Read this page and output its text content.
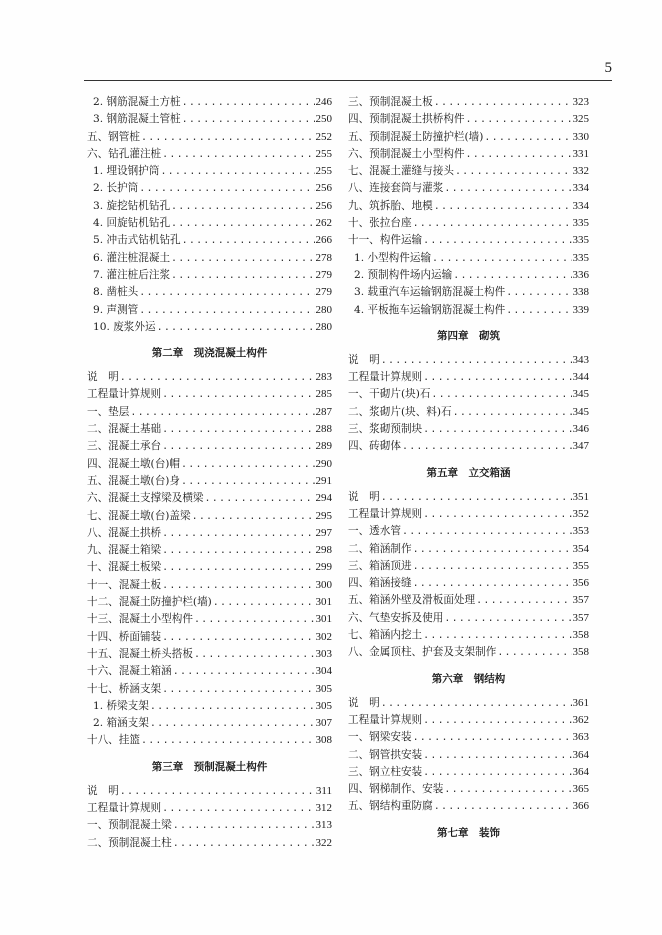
5
2. 钢筋混凝土方桩 .....	246
3. 钢筋混凝土管桩 .....	250
五、钢管桩 .....	252
六、钻孔灌注桩 .....	255
1. 埋设钢护筒 .....	255
2. 长护筒 .....	256
3. 旋挖钻机钻孔 .....	256
4. 回旋钻机钻孔 .....	262
5. 冲击式钻机钻孔 .....	266
6. 灌注桩混凝土 .....	278
7. 灌注桩后注浆 .....	279
8. 凿桩头 .....	279
9. 声测管 .....	280
10. 废浆外运 .....	280
第二章　现浇混凝土构件
说　明 .....	283
工程量计算规则 .....	285
一、垫层 .....	287
二、混凝土基础 .....	288
三、混凝土承台 .....	289
四、混凝土墩(台)帽 .....	290
五、混凝土墩(台)身 .....	291
六、混凝土支撑梁及横梁 .....	294
七、混凝土墩(台)盖梁 .....	295
八、混凝土拱桥 .....	297
九、混凝土箱梁 .....	298
十、混凝土板梁 .....	299
十一、混凝土板 .....	300
十二、混凝土防撞护栏(墙) .....	301
十三、混凝土小型构件 .....	301
十四、桥面铺装 .....	302
十五、混凝土桥头搭板 .....	303
十六、混凝土箱涵 .....	304
十七、桥涵支架 .....	305
1. 桥梁支架 .....	305
2. 箱涵支架 .....	307
十八、挂篮 .....	308
第三章　预制混凝土构件
说　明 .....	311
工程量计算规则 .....	312
一、预制混凝土梁 .....	313
二、预制混凝土柱 .....	322
三、预制混凝土板 .....	323
四、预制混凝土拱桥构件 .....	325
五、预制混凝土防撞护栏(墙) .....	330
六、预制混凝土小型构件 .....	331
七、混凝土灌缝与接头 .....	332
八、连接套筒与灌浆 .....	334
九、筑拆胎、地模 .....	334
十、张拉台座 .....	335
十一、构件运输 .....	335
1. 小型构件运输 .....	335
2. 预制构件场内运输 .....	336
3. 载重汽车运输钢筋混凝土构件 .....	338
4. 平板拖车运输钢筋混凝土构件 .....	339
第四章　砌筑
说　明 .....	343
工程量计算规则 .....	344
一、干砌片(块)石 .....	345
二、浆砌片(块、料)石 .....	345
三、浆砌预制块 .....	346
四、砖砌体 .....	347
第五章　立交箱涵
说　明 .....	351
工程量计算规则 .....	352
一、透水管 .....	353
二、箱涵制作 .....	354
三、箱涵顶进 .....	355
四、箱涵接缝 .....	356
五、箱涵外壁及滑板面处理 .....	357
六、气垫安拆及使用 .....	357
七、箱涵内挖土 .....	358
八、金属顶柱、护套及支架制作 .....	358
第六章　钢结构
说　明 .....	361
工程量计算规则 .....	362
一、钢梁安装 .....	363
二、钢管拱安装 .....	364
三、钢立柱安装 .....	364
四、钢梯制作、安装 .....	365
五、钢结构重防腐 .....	366
第七章　装饰
